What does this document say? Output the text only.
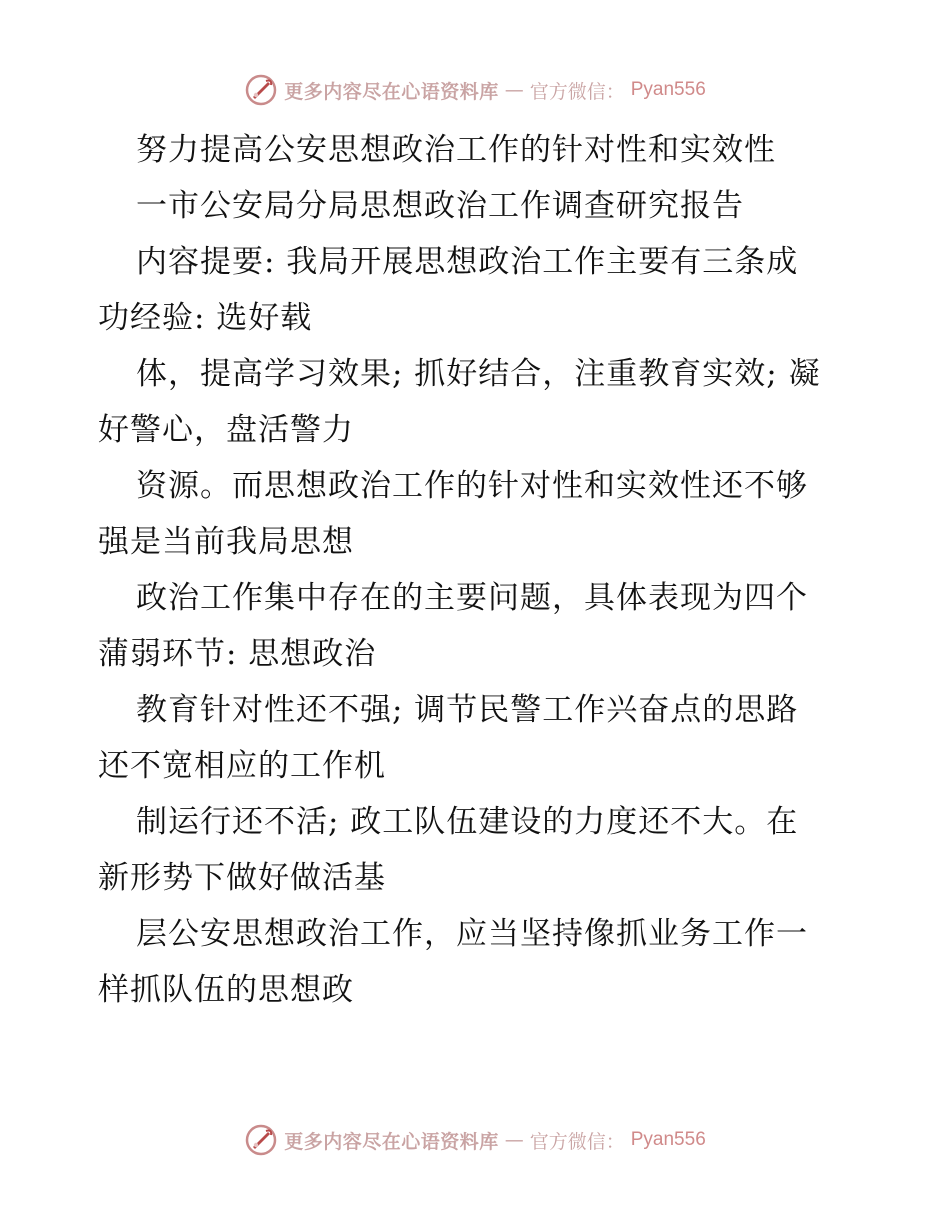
更多内容尽在心语资料库 — 官方微信： Pyan556

努力提高公安思想政治工作的针对性和实效性

一市公安局分局思想政治工作调查研究报告

内容提要: 我局开展思想政治工作主要有三条成
功经验: 选好载

体，提高学习效果; 抓好结合，注重教育实效; 凝
好警心，盘活警力

资源。而思想政治工作的针对性和实效性还不够
强是当前我局思想

政治工作集中存在的主要问题，具体表现为四个
蒲弱环节: 思想政治

教育针对性还不强; 调节民警工作兴奋点的思路
还不宽相应的工作机

制运行还不活; 政工队伍建设的力度还不大。在
新形势下做好做活基

层公安思想政治工作，应当坚持像抓业务工作一
样抓队伍的思想政

更多内容尽在心语资料库 — 官方微信： Pyan556
